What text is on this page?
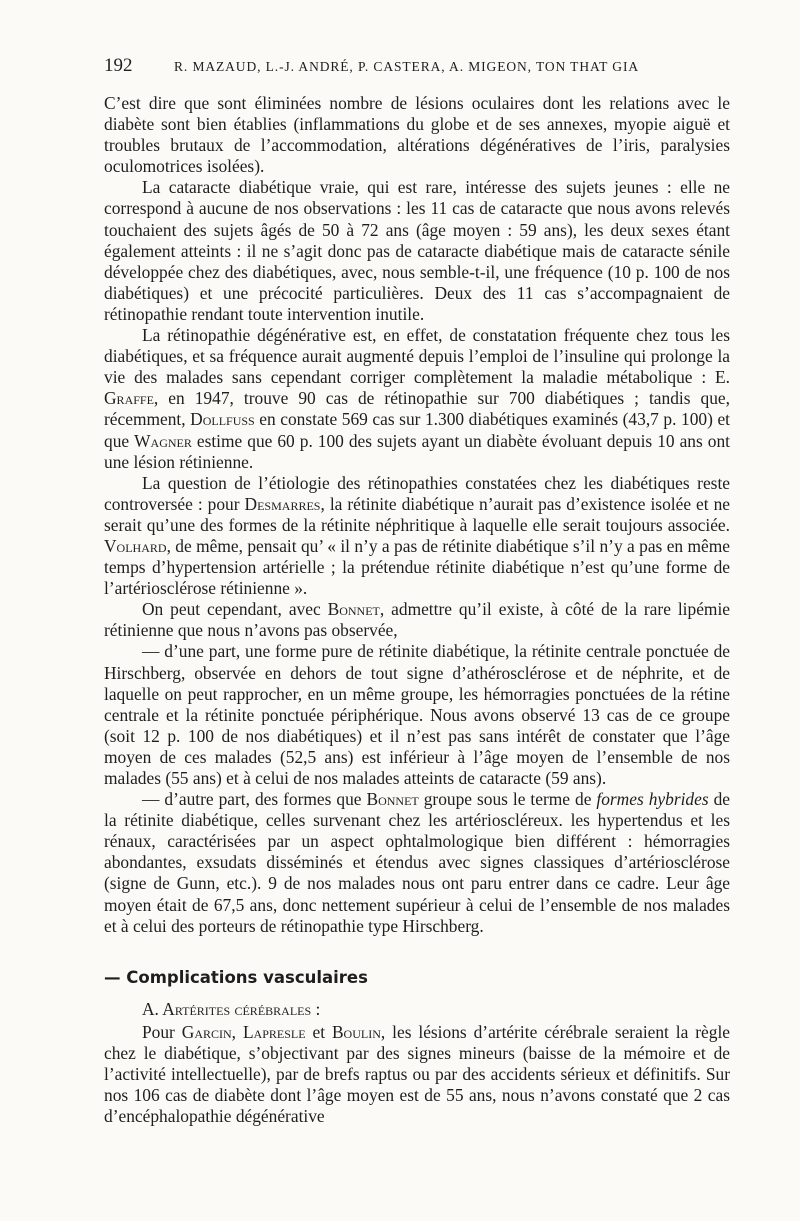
192	R. MAZAUD, L.-J. ANDRÉ, P. CASTERA, A. MIGEON, TON THAT GIA

C’est dire que sont éliminées nombre de lésions oculaires dont les relations avec le diabète sont bien établies (inflammations du globe et de ses annexes, myopie aiguë et troubles brutaux de l’accommodation, altérations dégénératives de l’iris, paralysies oculomotrices isolées).

La cataracte diabétique vraie, qui est rare, intéresse des sujets jeunes : elle ne correspond à aucune de nos observations : les 11 cas de cataracte que nous avons relevés touchaient des sujets âgés de 50 à 72 ans (âge moyen : 59 ans), les deux sexes étant également atteints : il ne s’agit donc pas de cataracte diabétique mais de cataracte sénile développée chez des diabétiques, avec, nous semble-t-il, une fréquence (10 p. 100 de nos diabétiques) et une précocité particulières. Deux des 11 cas s’accompagnaient de rétinopathie rendant toute intervention inutile.

La rétinopathie dégénérative est, en effet, de constatation fréquente chez tous les diabétiques, et sa fréquence aurait augmenté depuis l’emploi de l’insuline qui prolonge la vie des malades sans cependant corriger complètement la maladie métabolique : E. Graffe, en 1947, trouve 90 cas de rétinopathie sur 700 diabétiques ; tandis que, récemment, Dollfuss en constate 569 cas sur 1.300 diabétiques examinés (43,7 p. 100) et que Wagner estime que 60 p. 100 des sujets ayant un diabète évoluant depuis 10 ans ont une lésion rétinienne.

La question de l’étiologie des rétinopathies constatées chez les diabétiques reste controversée : pour Desmarres, la rétinite diabétique n’aurait pas d’existence isolée et ne serait qu’une des formes de la rétinite néphritique à laquelle elle serait toujours associée. Volhard, de même, pensait qu’ « il n’y a pas de rétinite diabétique s’il n’y a pas en même temps d’hypertension artérielle ; la prétendue rétinite diabétique n’est qu’une forme de l’artériosclérose rétinienne ».

On peut cependant, avec Bonnet, admettre qu’il existe, à côté de la rare lipémie rétinienne que nous n’avons pas observée,

— d’une part, une forme pure de rétinite diabétique, la rétinite centrale ponctuée de Hirschberg, observée en dehors de tout signe d’athérosclérose et de néphrite, et de laquelle on peut rapprocher, en un même groupe, les hémorragies ponctuées de la rétine centrale et la rétinite ponctuée périphérique. Nous avons observé 13 cas de ce groupe (soit 12 p. 100 de nos diabétiques) et il n’est pas sans intérêt de constater que l’âge moyen de ces malades (52,5 ans) est inférieur à l’âge moyen de l’ensemble de nos malades (55 ans) et à celui de nos malades atteints de cataracte (59 ans).

— d’autre part, des formes que Bonnet groupe sous le terme de formes hybrides de la rétinite diabétique, celles survenant chez les artérioscléreux. les hypertendus et les rénaux, caractérisées par un aspect ophtalmologique bien différent : hémorragies abondantes, exsudats disséminés et étendus avec signes classiques d’artériosclérose (signe de Gunn, etc.). 9 de nos malades nous ont paru entrer dans ce cadre. Leur âge moyen était de 67,5 ans, donc nettement supérieur à celui de l’ensemble de nos malades et à celui des porteurs de rétinopathie type Hirschberg.

— Complications vasculaires
A. Artérites cérébrales :

Pour Garcin, Lapresle et Boulin, les lésions d’artérite cérébrale seraient la règle chez le diabétique, s’objectivant par des signes mineurs (baisse de la mémoire et de l’activité intellectuelle), par de brefs raptus ou par des accidents sérieux et définitifs. Sur nos 106 cas de diabète dont l’âge moyen est de 55 ans, nous n’avons constaté que 2 cas d’encéphalopathie dégénérative
